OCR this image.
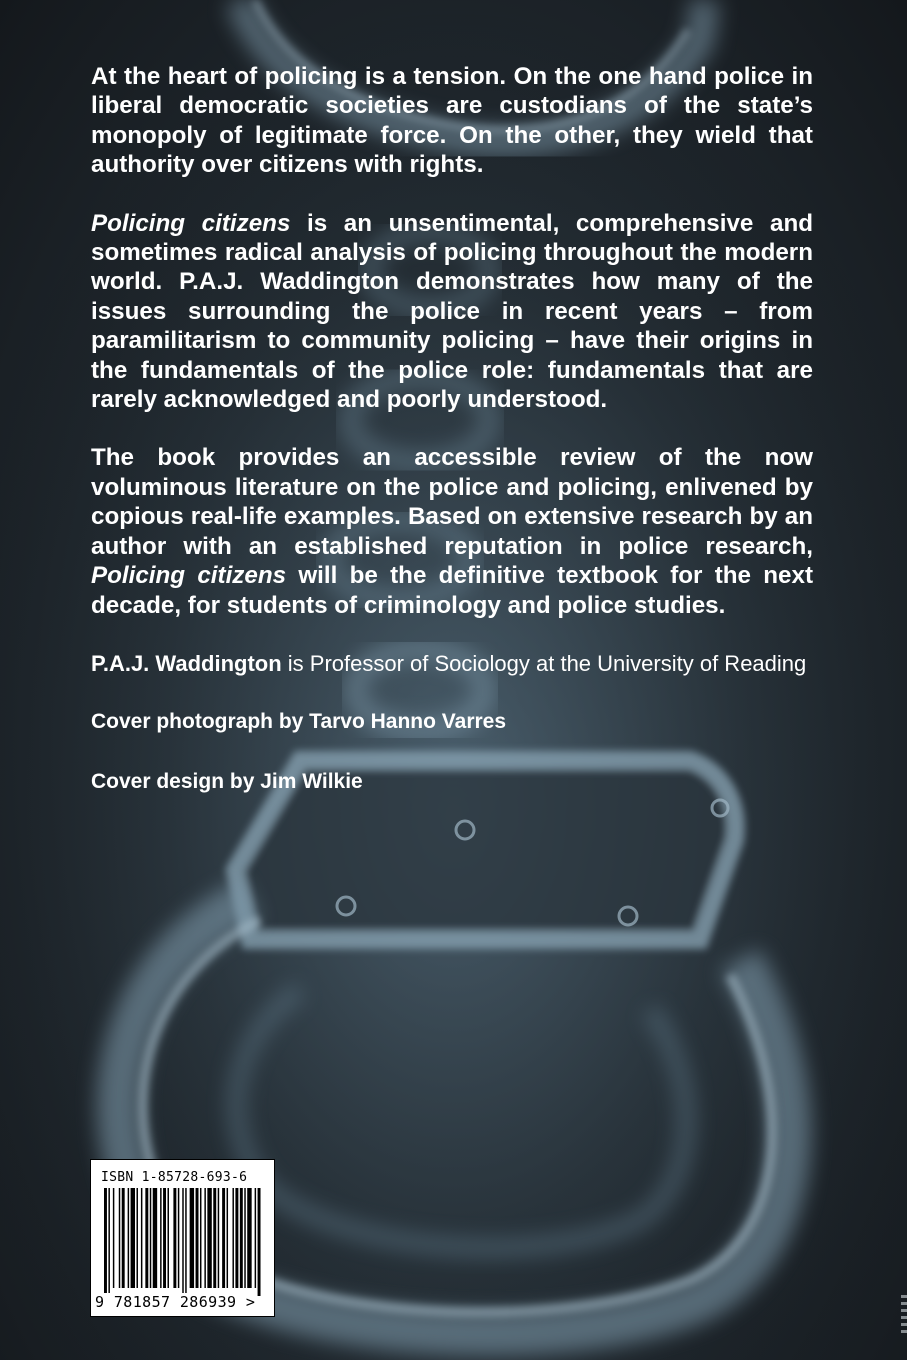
At the heart of policing is a tension. On the one hand police in liberal democratic societies are custodians of the state’s monopoly of legitimate force. On the other, they wield that authority over citizens with rights.

Policing citizens is an unsentimental, comprehensive and sometimes radical analysis of policing throughout the modern world. P.A.J. Waddington demonstrates how many of the issues surrounding the police in recent years – from paramilitarism to community policing – have their origins in the fundamentals of the police role: fundamentals that are rarely acknowledged and poorly understood.

The book provides an accessible review of the now voluminous literature on the police and policing, enlivened by copious real-life examples. Based on extensive research by an author with an established reputation in police research, Policing citizens will be the definitive textbook for the next decade, for students of criminology and police studies.

P.A.J. Waddington is Professor of Sociology at the University of Reading

Cover photograph by Tarvo Hanno Varres

Cover design by Jim Wilkie

ISBN 1-85728-693-6
9 781857 286939 >
